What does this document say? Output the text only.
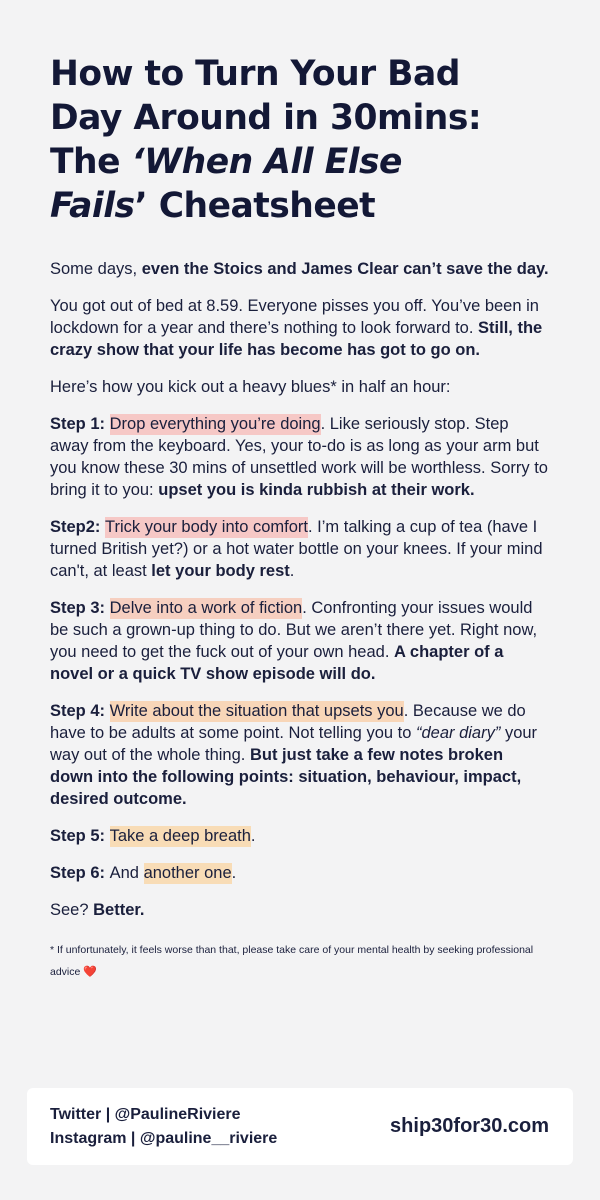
How to Turn Your Bad
Day Around in 30mins:
The ‘When All Else
Fails’ Cheatsheet

Some days, even the Stoics and James Clear can’t save the day.

You got out of bed at 8.59. Everyone pisses you off. You’ve been in lockdown for a year and there’s nothing to look forward to. Still, the crazy show that your life has become has got to go on.

Here’s how you kick out a heavy blues* in half an hour:

Step 1: Drop everything you’re doing. Like seriously stop. Step away from the keyboard. Yes, your to-do is as long as your arm but you know these 30 mins of unsettled work will be worthless. Sorry to bring it to you: upset you is kinda rubbish at their work.

Step2: Trick your body into comfort. I’m talking a cup of tea (have I turned British yet?) or a hot water bottle on your knees. If your mind can't, at least let your body rest.

Step 3: Delve into a work of fiction. Confronting your issues would be such a grown-up thing to do. But we aren’t there yet. Right now, you need to get the fuck out of your own head. A chapter of a novel or a quick TV show episode will do.

Step 4: Write about the situation that upsets you. Because we do have to be adults at some point. Not telling you to “dear diary” your way out of the whole thing. But just take a few notes broken down into the following points: situation, behaviour, impact, desired outcome.

Step 5: Take a deep breath.

Step 6: And another one.

See? Better.

* If unfortunately, it feels worse than that, please take care of your mental health by seeking professional advice ❤️
Twitter | @PaulineRiviere
Instagram | @pauline__riviere
ship30for30.com
